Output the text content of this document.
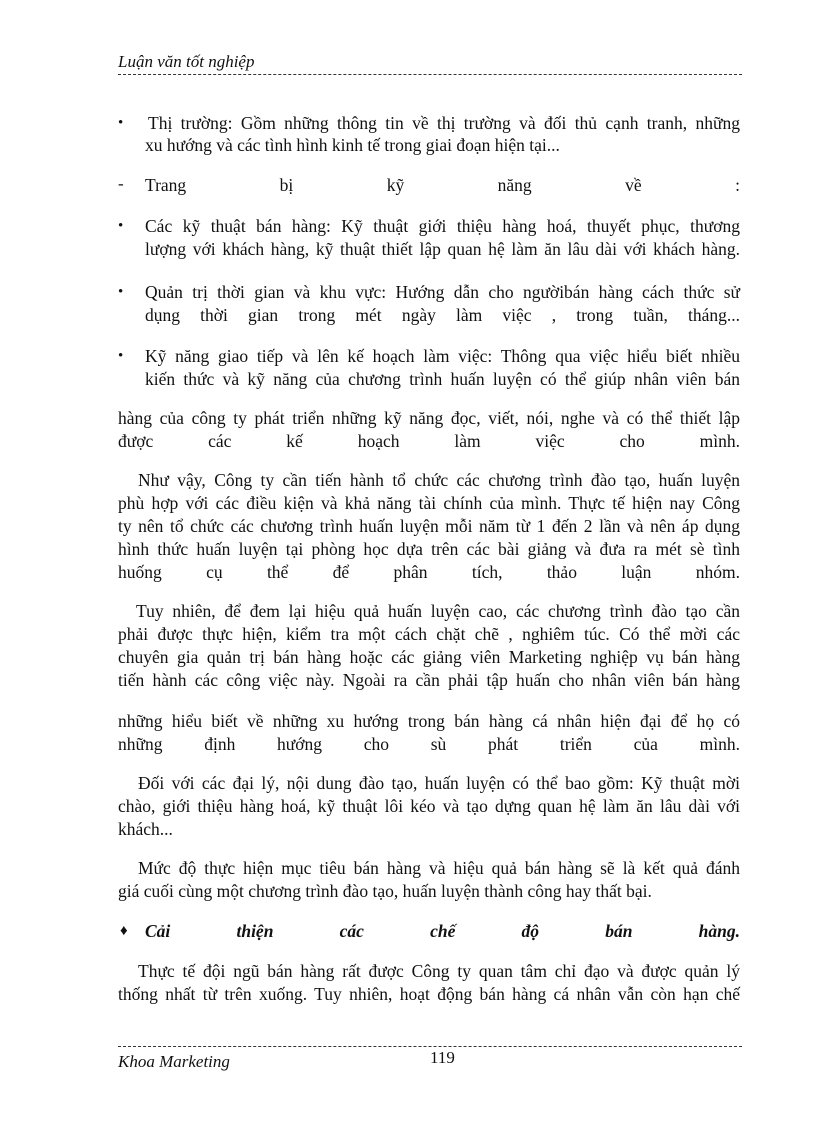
Luận văn tốt nghiệp
• Thị trường: Gồm những thông tin về thị trường và đối thủ cạnh tranh, những
xu hướng và các tình hình kinh tế trong giai đoạn hiện tại...
- Trang bị kỹ năng về :
• Các kỹ thuật bán hàng: Kỹ thuật giới thiệu hàng hoá, thuyết phục, thương
lượng với khách hàng, kỹ thuật thiết lập quan hệ làm ăn lâu dài với khách hàng.
• Quản trị thời gian và khu vực: Hướng dẫn cho ngườibán hàng cách thức sử
dụng thời gian trong mét ngày làm việc , trong tuần, tháng...
• Kỹ năng giao tiếp và lên kế hoạch làm việc: Thông qua việc hiểu biết nhiều
kiến thức và kỹ năng của chương trình huấn luyện có thể giúp nhân viên bán
hàng của công ty phát triển những kỹ năng đọc, viết, nói, nghe và có thể thiết lập
được các kế hoạch làm việc cho mình.
Như vậy, Công ty cần tiến hành tổ chức các chương trình đào tạo, huấn luyện
phù hợp với các điều kiện và khả năng tài chính của mình. Thực tế hiện nay Công
ty nên tổ chức các chương trình huấn luyện mỗi năm từ 1 đến 2 lần và nên áp dụng
hình thức huấn luyện tại phòng học dựa trên các bài giảng và đưa ra mét sè tình
huống cụ thể để phân tích, thảo luận nhóm.
Tuy nhiên, để đem lại hiệu quả huấn luyện cao, các chương trình đào tạo cần
phải được thực hiện, kiểm tra một cách chặt chẽ , nghiêm túc. Có thể mời các
chuyên gia quản trị bán hàng hoặc các giảng viên Marketing nghiệp vụ bán hàng
tiến hành các công việc này. Ngoài ra cần phải tập huấn cho nhân viên bán hàng
những hiểu biết về những xu hướng trong bán hàng cá nhân hiện đại để họ có
những định hướng cho sù phát triển của mình.
Đối với các đại lý, nội dung đào tạo, huấn luyện có thể bao gồm: Kỹ thuật mời
chào, giới thiệu hàng hoá, kỹ thuật lôi kéo và tạo dựng quan hệ làm ăn lâu dài với
khách...
Mức độ thực hiện mục tiêu bán hàng và hiệu quả bán hàng sẽ là kết quả đánh
giá cuối cùng một chương trình đào tạo, huấn luyện thành công hay thất bại.
♦ Cải thiện các chế độ bán hàng.
Thực tế đội ngũ bán hàng rất được Công ty quan tâm chỉ đạo và được quản lý
thống nhất từ trên xuống. Tuy nhiên, hoạt động bán hàng cá nhân vẫn còn hạn chế
Khoa Marketing	119
